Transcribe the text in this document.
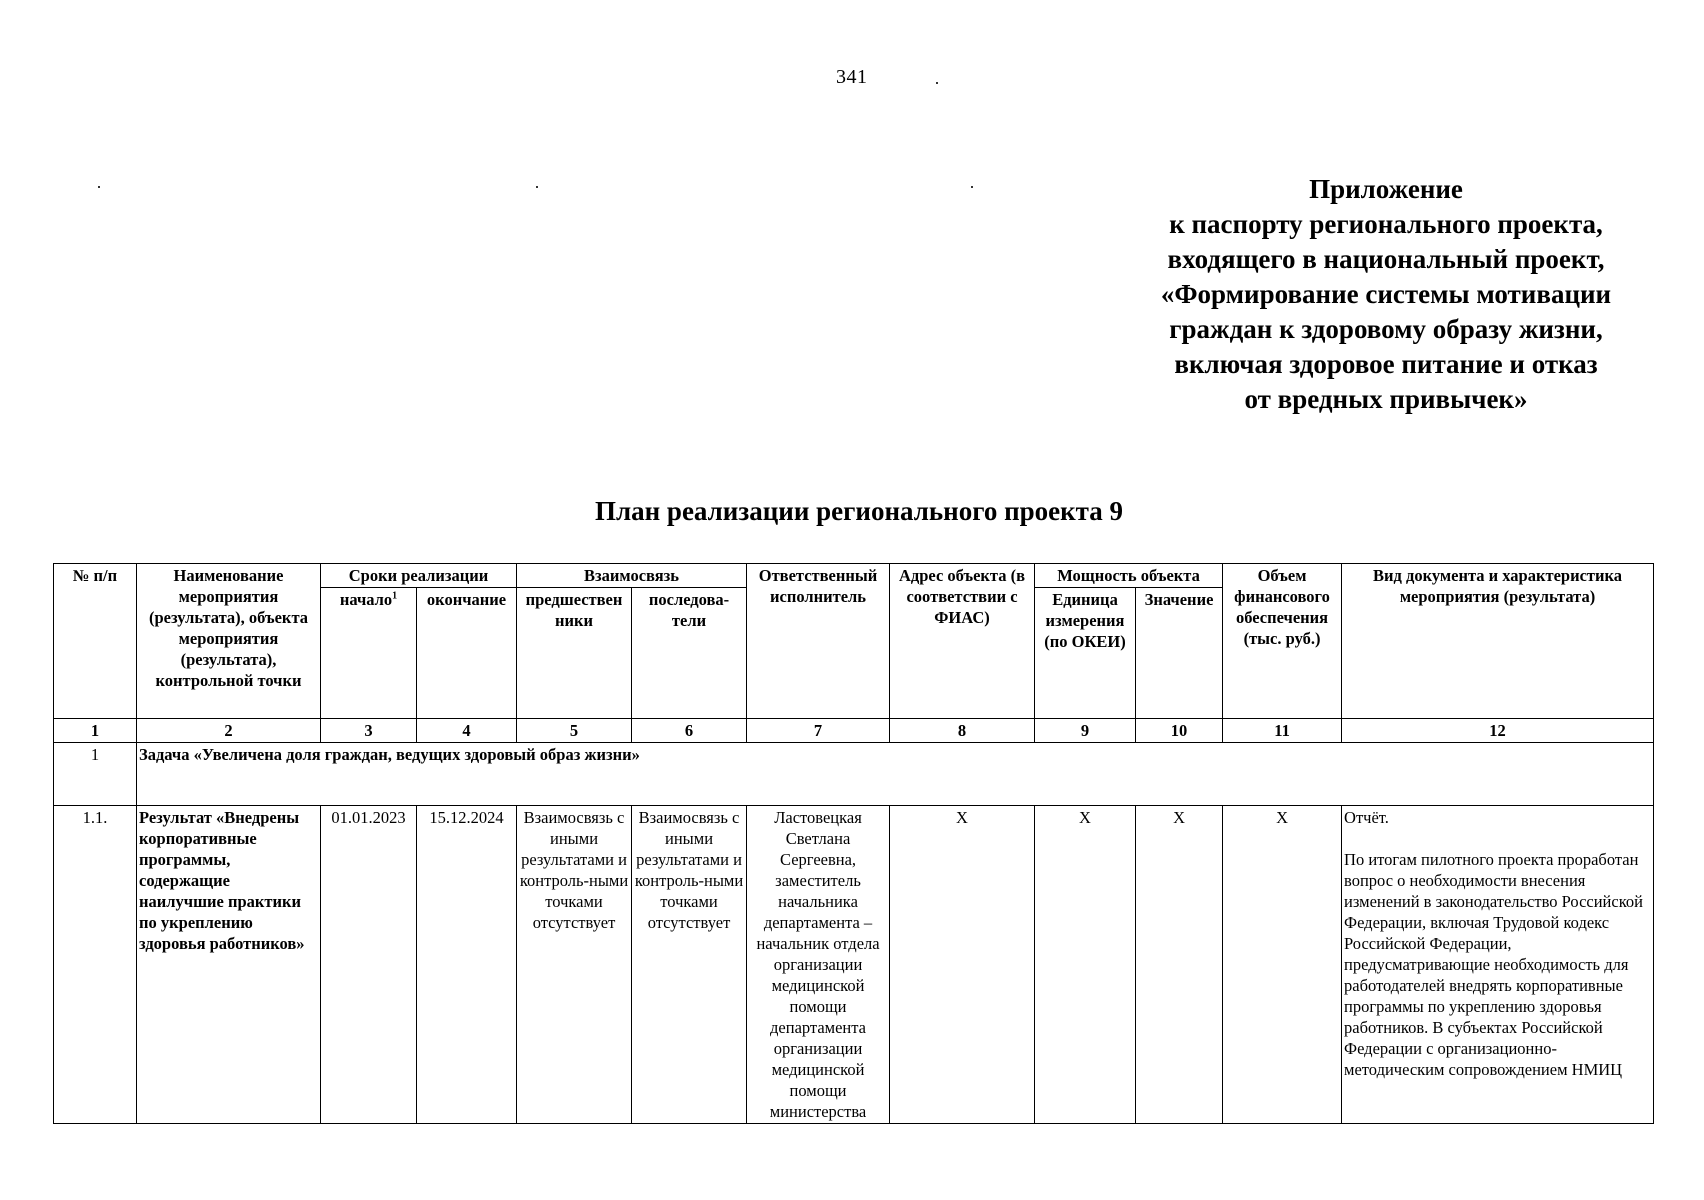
341
Приложение
к паспорту регионального проекта,
входящего в национальный проект,
«Формирование системы мотивации
граждан к здоровому образу жизни,
включая здоровое питание и отказ
от вредных привычек»
План реализации регионального проекта 9
№ п/п	Наименование мероприятия (результата), объекта мероприятия (результата), контрольной точки	Сроки реализации		Взаимосвязь		Ответственный исполнитель	Адрес объекта (в соответствии с ФИАС)	Мощность объекта		Объем финансового обеспечения (тыс. руб.)	Вид документа и характеристика мероприятия (результата)
		начало$^1$	окончание	предшествен ники	последова-тели			Единица измерения (по ОКЕИ)	Значение		
1	2	3	4	5	6	7	8	9	10	11	12
1	Задача «Увеличена доля граждан, ведущих здоровый образ жизни»										
1.1.	Результат «Внедрены корпоративные программы, содержащие наилучшие практики по укреплению здоровья работников»	01.01.2023	15.12.2024	Взаимосвязь с иными результатами и контроль-ными точками отсутствует	Взаимосвязь с иными результатами и контроль-ными точками отсутствует	Ластовецкая Светлана Сергеевна, заместитель начальника департамента – начальник отдела организации медицинской помощи департамента организации медицинской помощи министерства	Х	Х	Х	Х	Отчёт.
По итогам пилотного проекта проработан вопрос о необходимости внесения изменений в законодательство Российской Федерации, включая Трудовой кодекс Российской Федерации, предусматривающие необходимость для работодателей внедрять корпоративные программы по укреплению здоровья работников. В субъектах Российской Федерации с организационно-методическим сопровождением НМИЦ
